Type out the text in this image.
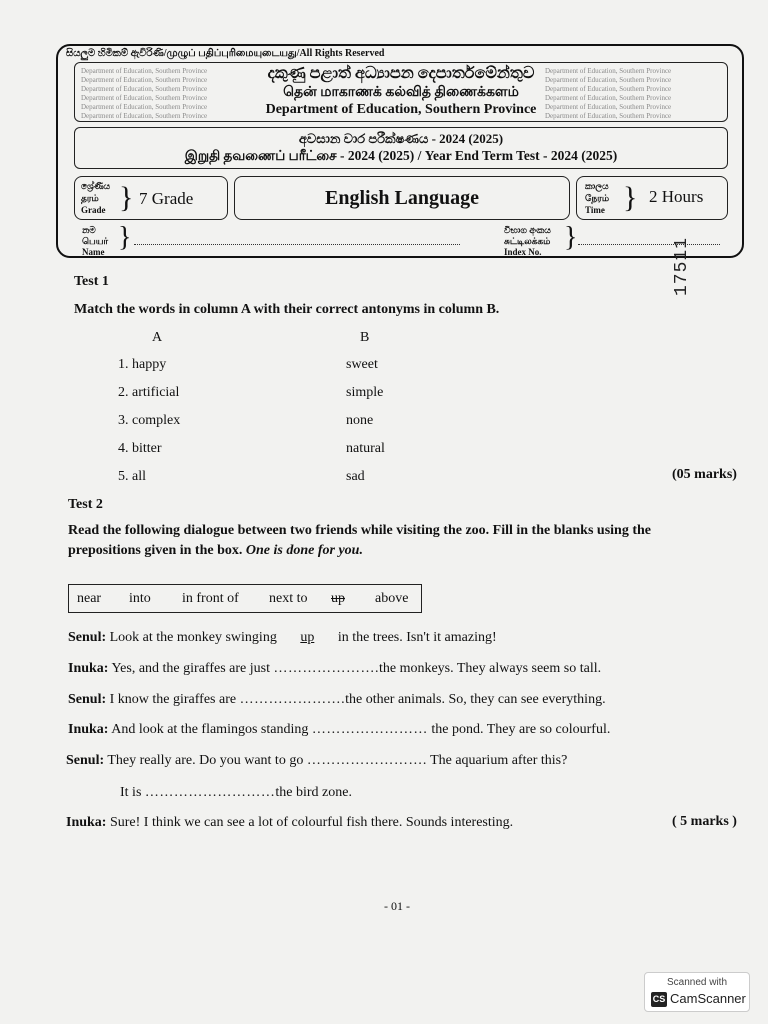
සියලුම හිමිකම් ඇවිරිණි/முழுப் பதிப்புரிமையுடையது/All Rights Reserved
Department of Education, Southern Province
Department of Education, Southern Province
Department of Education, Southern Province
Department of Education, Southern Province
Department of Education, Southern Province
Department of Education, Southern Province
Department of Education, Southern Province
Department of Education, Southern Province
Department of Education, Southern Province
Department of Education, Southern Province
Department of Education, Southern Province
Department of Education, Southern Province
දකුණු පළාත් අධ්‍යාපන දෙපාර්තමේන්තුව
தென் மாகாணக் கல்வித் திணைக்களம்
Department of Education, Southern Province
අවසාන වාර පරීක්ෂණය - 2024 (2025)
இறுதி தவணைப் பரீட்சை - 2024 (2025) / Year End Term Test - 2024 (2025)
ශ්‍රේණිය
தரம்
Grade } 7 Grade	English Language
කාලය
நேரம்
Time } 2 Hours
නම
பெயர்
Name }	විභාග අංකය
சுட்டிலக்கம்
Index No. }	17511
Test 1
Match the words in column A with their correct antonyms in column B.
A	B
1. happy	sweet
2. artificial	simple
3. complex	none
4. bitter	natural
5. all	sad	(05 marks)
Test 2
Read the following dialogue between two friends while visiting the zoo. Fill in the blanks using the
prepositions given in the box. One is done for you.
near into in front of next to up above
Senul: Look at the monkey swinging up in the trees. Isn't it amazing!
Inuka: Yes, and the giraffes are just ………………….the monkeys. They always seem so tall.
Senul: I know the giraffes are ………………….the other animals. So, they can see everything.
Inuka: And look at the flamingos standing …………………… the pond. They are so colourful.
Senul: They really are. Do you want to go ……………………. The aquarium after this?
It is ………………………the bird zone.
Inuka: Sure! I think we can see a lot of colourful fish there. Sounds interesting.	( 5 marks )
- 01 -
Scanned with
CS CamScanner
